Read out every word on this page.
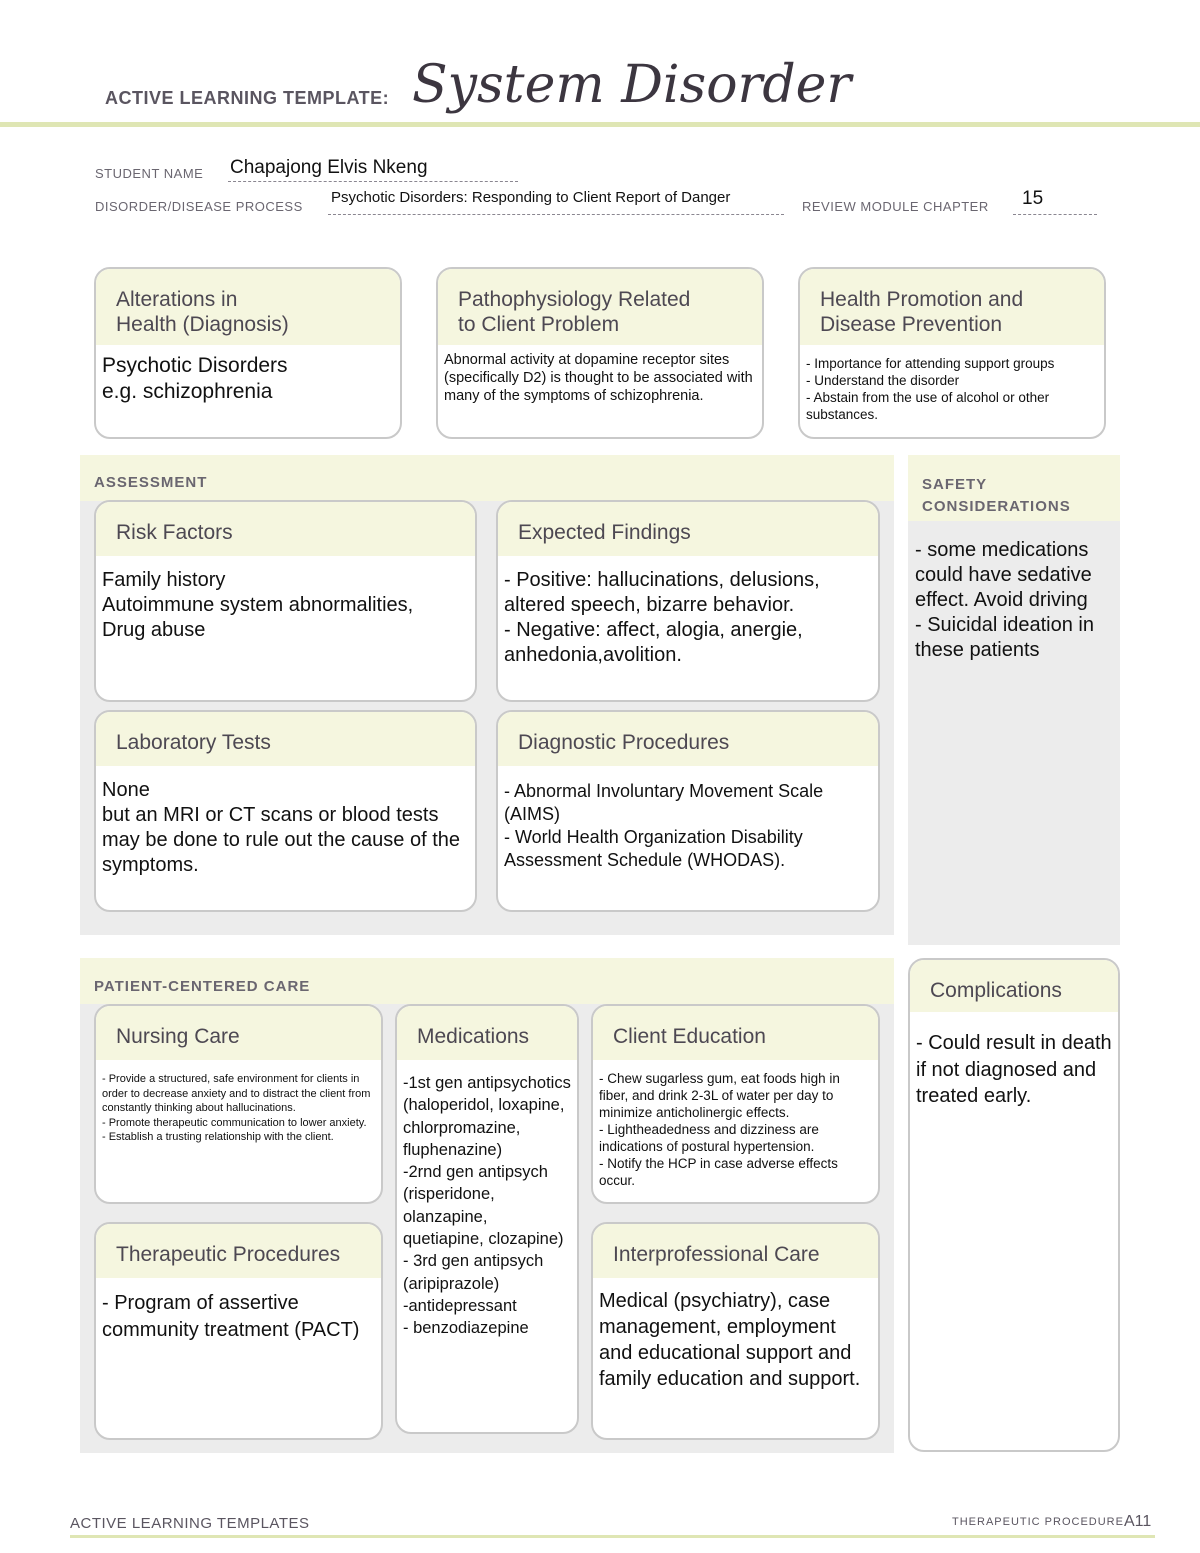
ACTIVE LEARNING TEMPLATE: System Disorder
STUDENT NAME Chapajong Elvis Nkeng
DISORDER/DISEASE PROCESS
Psychotic Disorders: Responding to Client Report of Danger
REVIEW MODULE CHAPTER 15
Alterations in
Health (Diagnosis)
Psychotic Disorders
e.g. schizophrenia
Pathophysiology Related
to Client Problem
Abnormal activity at dopamine receptor sites (specifically D2) is thought to be associated with many of the symptoms of schizophrenia.
Health Promotion and
Disease Prevention
- Importance for attending support groups
- Understand the disorder
- Abstain from the use of alcohol or other substances.
ASSESSMENT
Risk Factors
Family history
Autoimmune system abnormalities,
Drug abuse
Expected Findings
- Positive: hallucinations, delusions, altered speech, bizarre behavior.
- Negative: affect, alogia, anergie, anhedonia,avolition.
Laboratory Tests
None
but an MRI or CT scans or blood tests may be done to rule out the cause of the symptoms.
Diagnostic Procedures
- Abnormal Involuntary Movement Scale (AIMS)
- World Health Organization Disability Assessment Schedule (WHODAS).
SAFETY
CONSIDERATIONS
- some medications could have sedative effect. Avoid driving
- Suicidal ideation in these patients
PATIENT-CENTERED CARE
Nursing Care
- Provide a structured, safe environment for clients in order to decrease anxiety and to distract the client from constantly thinking about hallucinations.
- Promote therapeutic communication to lower anxiety.
- Establish a trusting relationship with the client.
Medications
-1st gen antipsychotics (haloperidol, loxapine, chlorpromazine, fluphenazine)
-2rnd gen antipsych (risperidone, olanzapine, quetiapine, clozapine)
- 3rd gen antipsych (aripiprazole)
-antidepressant
- benzodiazepine
Client Education
- Chew sugarless gum, eat foods high in fiber, and drink 2-3L of water per day to minimize anticholinergic effects.
- Lightheadedness and dizziness are indications of postural hypertension.
- Notify the HCP in case adverse effects occur.
Therapeutic Procedures
- Program of assertive community treatment (PACT)
Interprofessional Care
Medical (psychiatry), case management, employment and educational support and family education and support.
Complications
- Could result in death if not diagnosed and treated early.
ACTIVE LEARNING TEMPLATES	THERAPEUTIC PROCEDURE A11
